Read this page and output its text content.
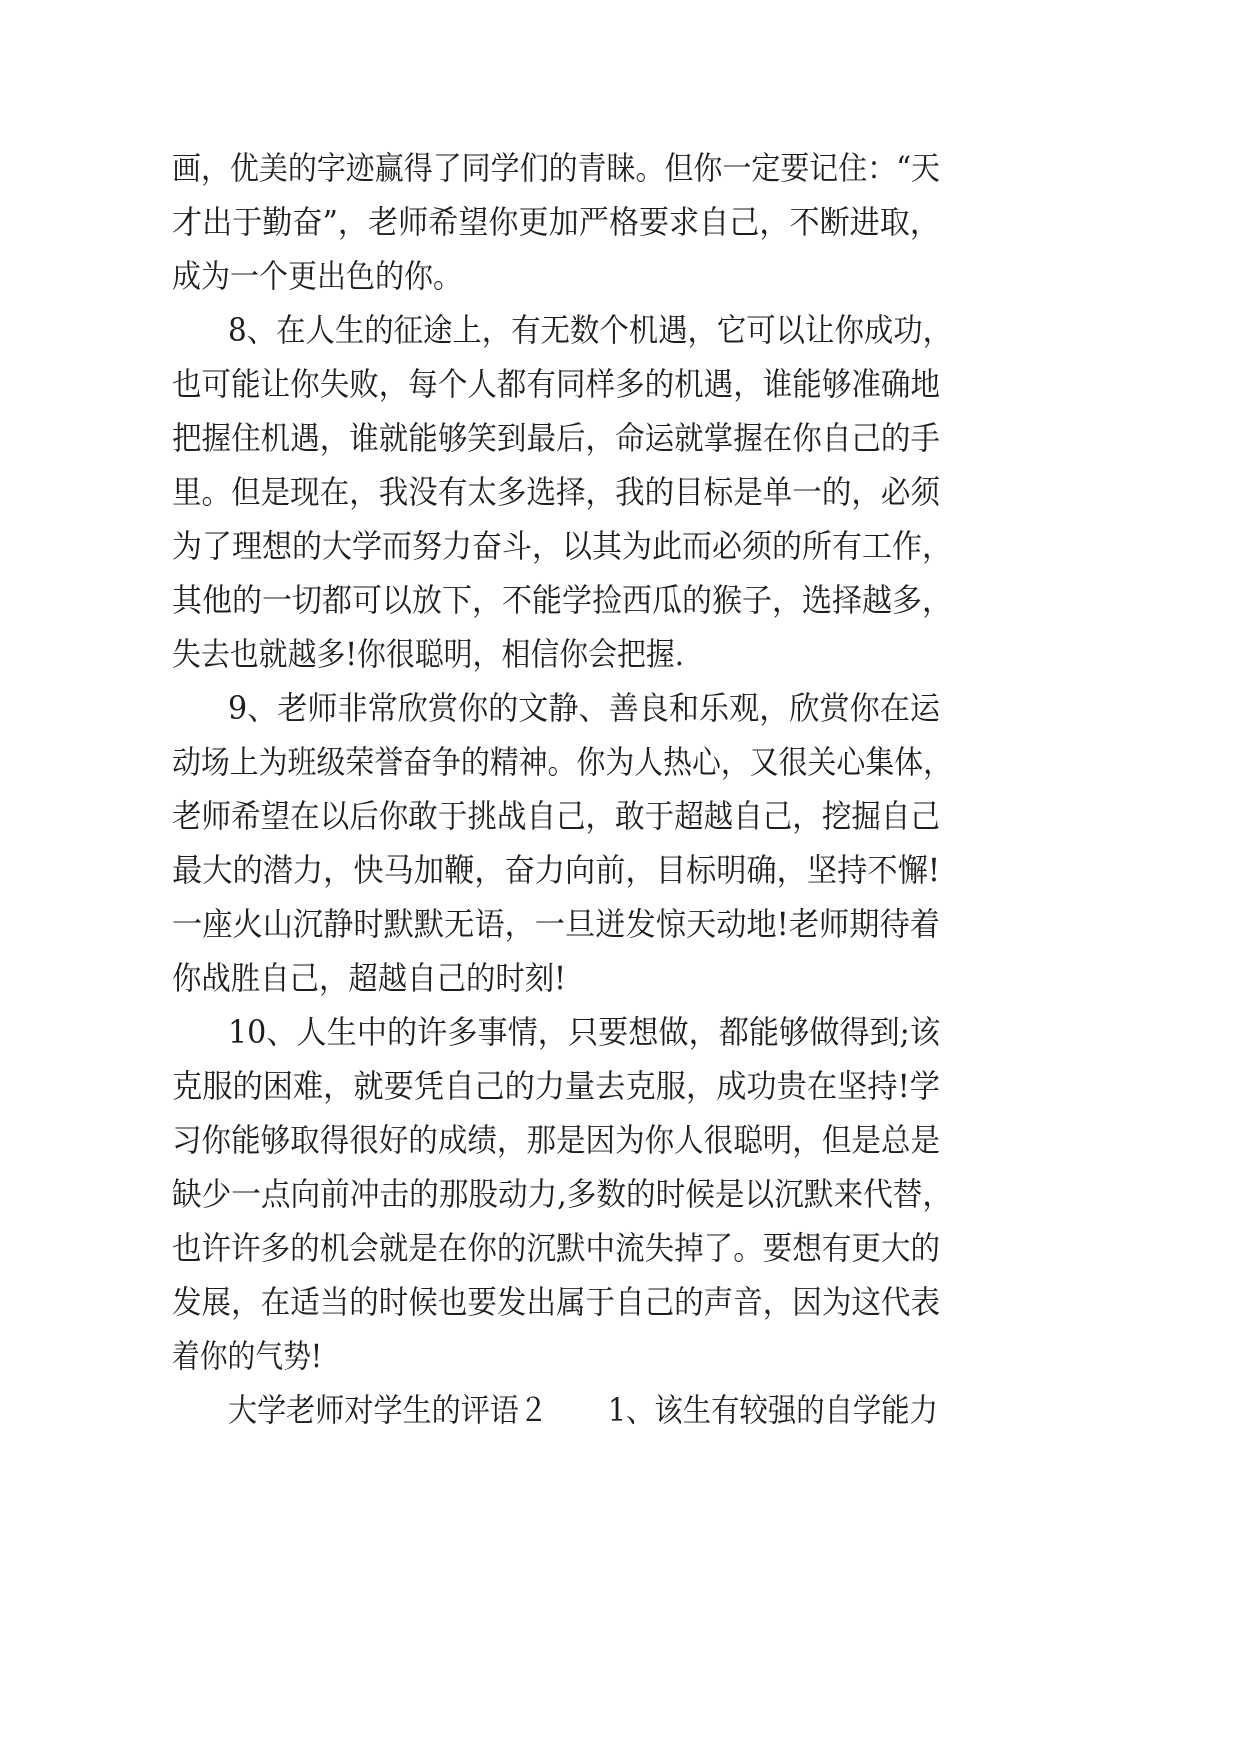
画，优美的字迹赢得了同学们的青睐。但你一定要记住：“天
才出于勤奋”，老师希望你更加严格要求自己，不断进取，
成为一个更出色的你。
8、在人生的征途上，有无数个机遇，它可以让你成功，
也可能让你失败，每个人都有同样多的机遇，谁能够准确地
把握住机遇，谁就能够笑到最后，命运就掌握在你自己的手
里。但是现在，我没有太多选择，我的目标是单一的，必须
为了理想的大学而努力奋斗，以其为此而必须的所有工作，
其他的一切都可以放下，不能学捡西瓜的猴子，选择越多，
失去也就越多!你很聪明，相信你会把握.
9、老师非常欣赏你的文静、善良和乐观，欣赏你在运
动场上为班级荣誉奋争的精神。你为人热心，又很关心集体，
老师希望在以后你敢于挑战自己，敢于超越自己，挖掘自己
最大的潜力，快马加鞭，奋力向前，目标明确，坚持不懈!
一座火山沉静时默默无语，一旦迸发惊天动地!老师期待着
你战胜自己，超越自己的时刻!
10、人生中的许多事情，只要想做，都能够做得到;该
克服的困难，就要凭自己的力量去克服，成功贵在坚持!学
习你能够取得很好的成绩，那是因为你人很聪明，但是总是
缺少一点向前冲击的那股动力,多数的时候是以沉默来代替，
也许许多的机会就是在你的沉默中流失掉了。要想有更大的
发展，在适当的时候也要发出属于自己的声音，因为这代表
着你的气势!

大学老师对学生的评语２

1、该生有较强的自学能力
